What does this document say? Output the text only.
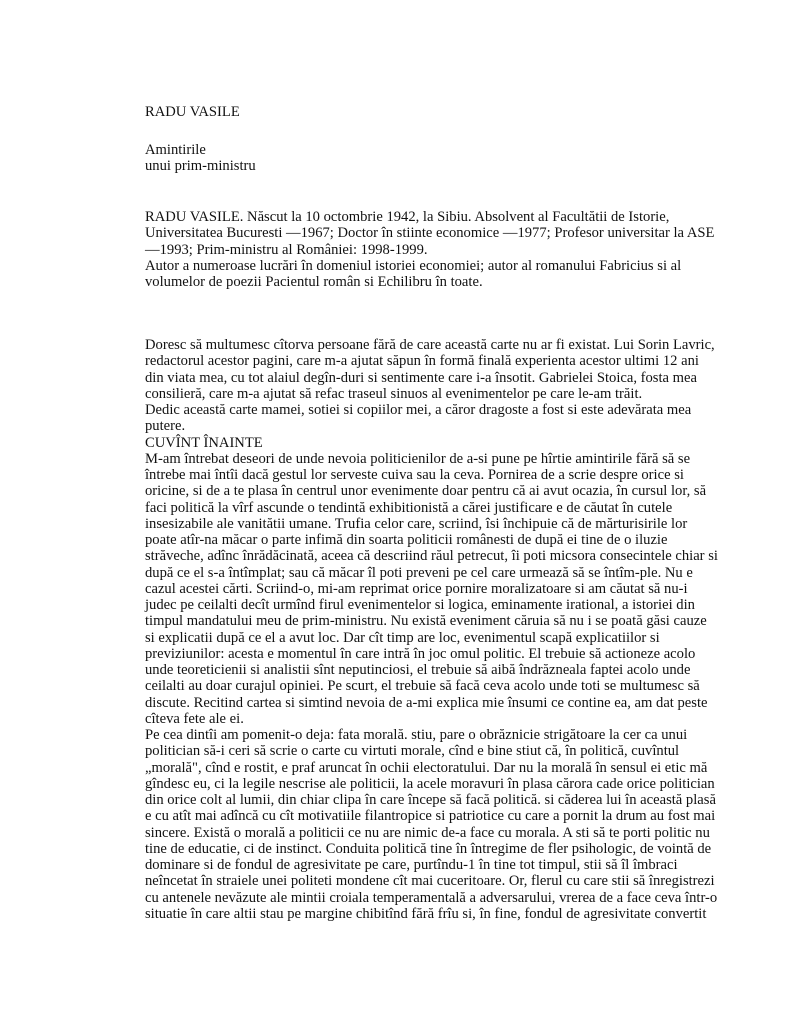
RADU VASILE
Amintirile
unui prim-ministru
RADU VASILE. Născut la 10 octombrie 1942, la Sibiu. Absolvent al Facultătii de Istorie,
Universitatea Bucuresti —1967; Doctor în stiinte economice —1977; Profesor universitar la ASE
—1993; Prim-ministru al României: 1998-1999.
Autor a numeroase lucrări în domeniul istoriei economiei; autor al romanului Fabricius si al
volumelor de poezii Pacientul român si Echilibru în toate.
Doresc să multumesc cîtorva persoane fără de care această carte nu ar fi existat. Lui Sorin Lavric,
redactorul acestor pagini, care m-a ajutat săpun în formă finală experienta acestor ultimi 12 ani
din viata mea, cu tot alaiul degîn-duri si sentimente care i-a însotit. Gabrielei Stoica, fosta mea
consilieră, care m-a ajutat să refac traseul sinuos al evenimentelor pe care le-am trăit.
Dedic această carte mamei, sotiei si copiilor mei, a căror dragoste a fost si este adevărata mea
putere.
CUVÎNT ÎNAINTE
M-am întrebat deseori de unde nevoia politicienilor de a-si pune pe hîrtie amintirile fără să se
întrebe mai întîi dacă gestul lor serveste cuiva sau la ceva. Pornirea de a scrie despre orice si
oricine, si de a te plasa în centrul unor evenimente doar pentru că ai avut ocazia, în cursul lor, să
faci politică la vîrf ascunde o tendintă exhibitionistă a cărei justificare e de căutat în cutele
insesizabile ale vanitătii umane. Trufia celor care, scriind, îsi închipuie că de mărturisirile lor
poate atîr-na măcar o parte infimă din soarta politicii românesti de după ei tine de o iluzie
străveche, adînc înrădăcinată, aceea că descriind răul petrecut, îi poti micsora consecintele chiar si
după ce el s-a întîmplat; sau că măcar îl poti preveni pe cel care urmează să se întîm-ple. Nu e
cazul acestei cărti. Scriind-o, mi-am reprimat orice pornire moralizatoare si am căutat să nu-i
judec pe ceilalti decît urmînd firul evenimentelor si logica, eminamente irational, a istoriei din
timpul mandatului meu de prim-ministru. Nu există eveniment căruia să nu i se poată găsi cauze
si explicatii după ce el a avut loc. Dar cît timp are loc, evenimentul scapă explicatiilor si
previziunilor: acesta e momentul în care intră în joc omul politic. El trebuie să actioneze acolo
unde teoreticienii si analistii sînt neputinciosi, el trebuie să aibă îndrăzneala faptei acolo unde
ceilalti au doar curajul opiniei. Pe scurt, el trebuie să facă ceva acolo unde toti se multumesc să
discute. Recitind cartea si simtind nevoia de a-mi explica mie însumi ce contine ea, am dat peste
cîteva fete ale ei.
Pe cea dintîi am pomenit-o deja: fata morală. stiu, pare o obrăznicie strigătoare la cer ca unui
politician să-i ceri să scrie o carte cu virtuti morale, cînd e bine stiut că, în politică, cuvîntul
„morală", cînd e rostit, e praf aruncat în ochii electoratului. Dar nu la morală în sensul ei etic mă
gîndesc eu, ci la legile nescrise ale politicii, la acele moravuri în plasa cărora cade orice politician
din orice colt al lumii, din chiar clipa în care începe să facă politică. si căderea lui în această plasă
e cu atît mai adîncă cu cît motivatiile filantropice si patriotice cu care a pornit la drum au fost mai
sincere. Există o morală a politicii ce nu are nimic de-a face cu morala. A sti să te porti politic nu
tine de educatie, ci de instinct. Conduita politică tine în întregime de fler psihologic, de vointă de
dominare si de fondul de agresivitate pe care, purtîndu-1 în tine tot timpul, stii să îl îmbraci
neîncetat în straiele unei politeti mondene cît mai cuceritoare. Or, flerul cu care stii să înregistrezi
cu antenele nevăzute ale mintii croiala temperamentală a adversarului, vrerea de a face ceva într-o
situatie în care altii stau pe margine chibitînd fără frîu si, în fine, fondul de agresivitate convertit
